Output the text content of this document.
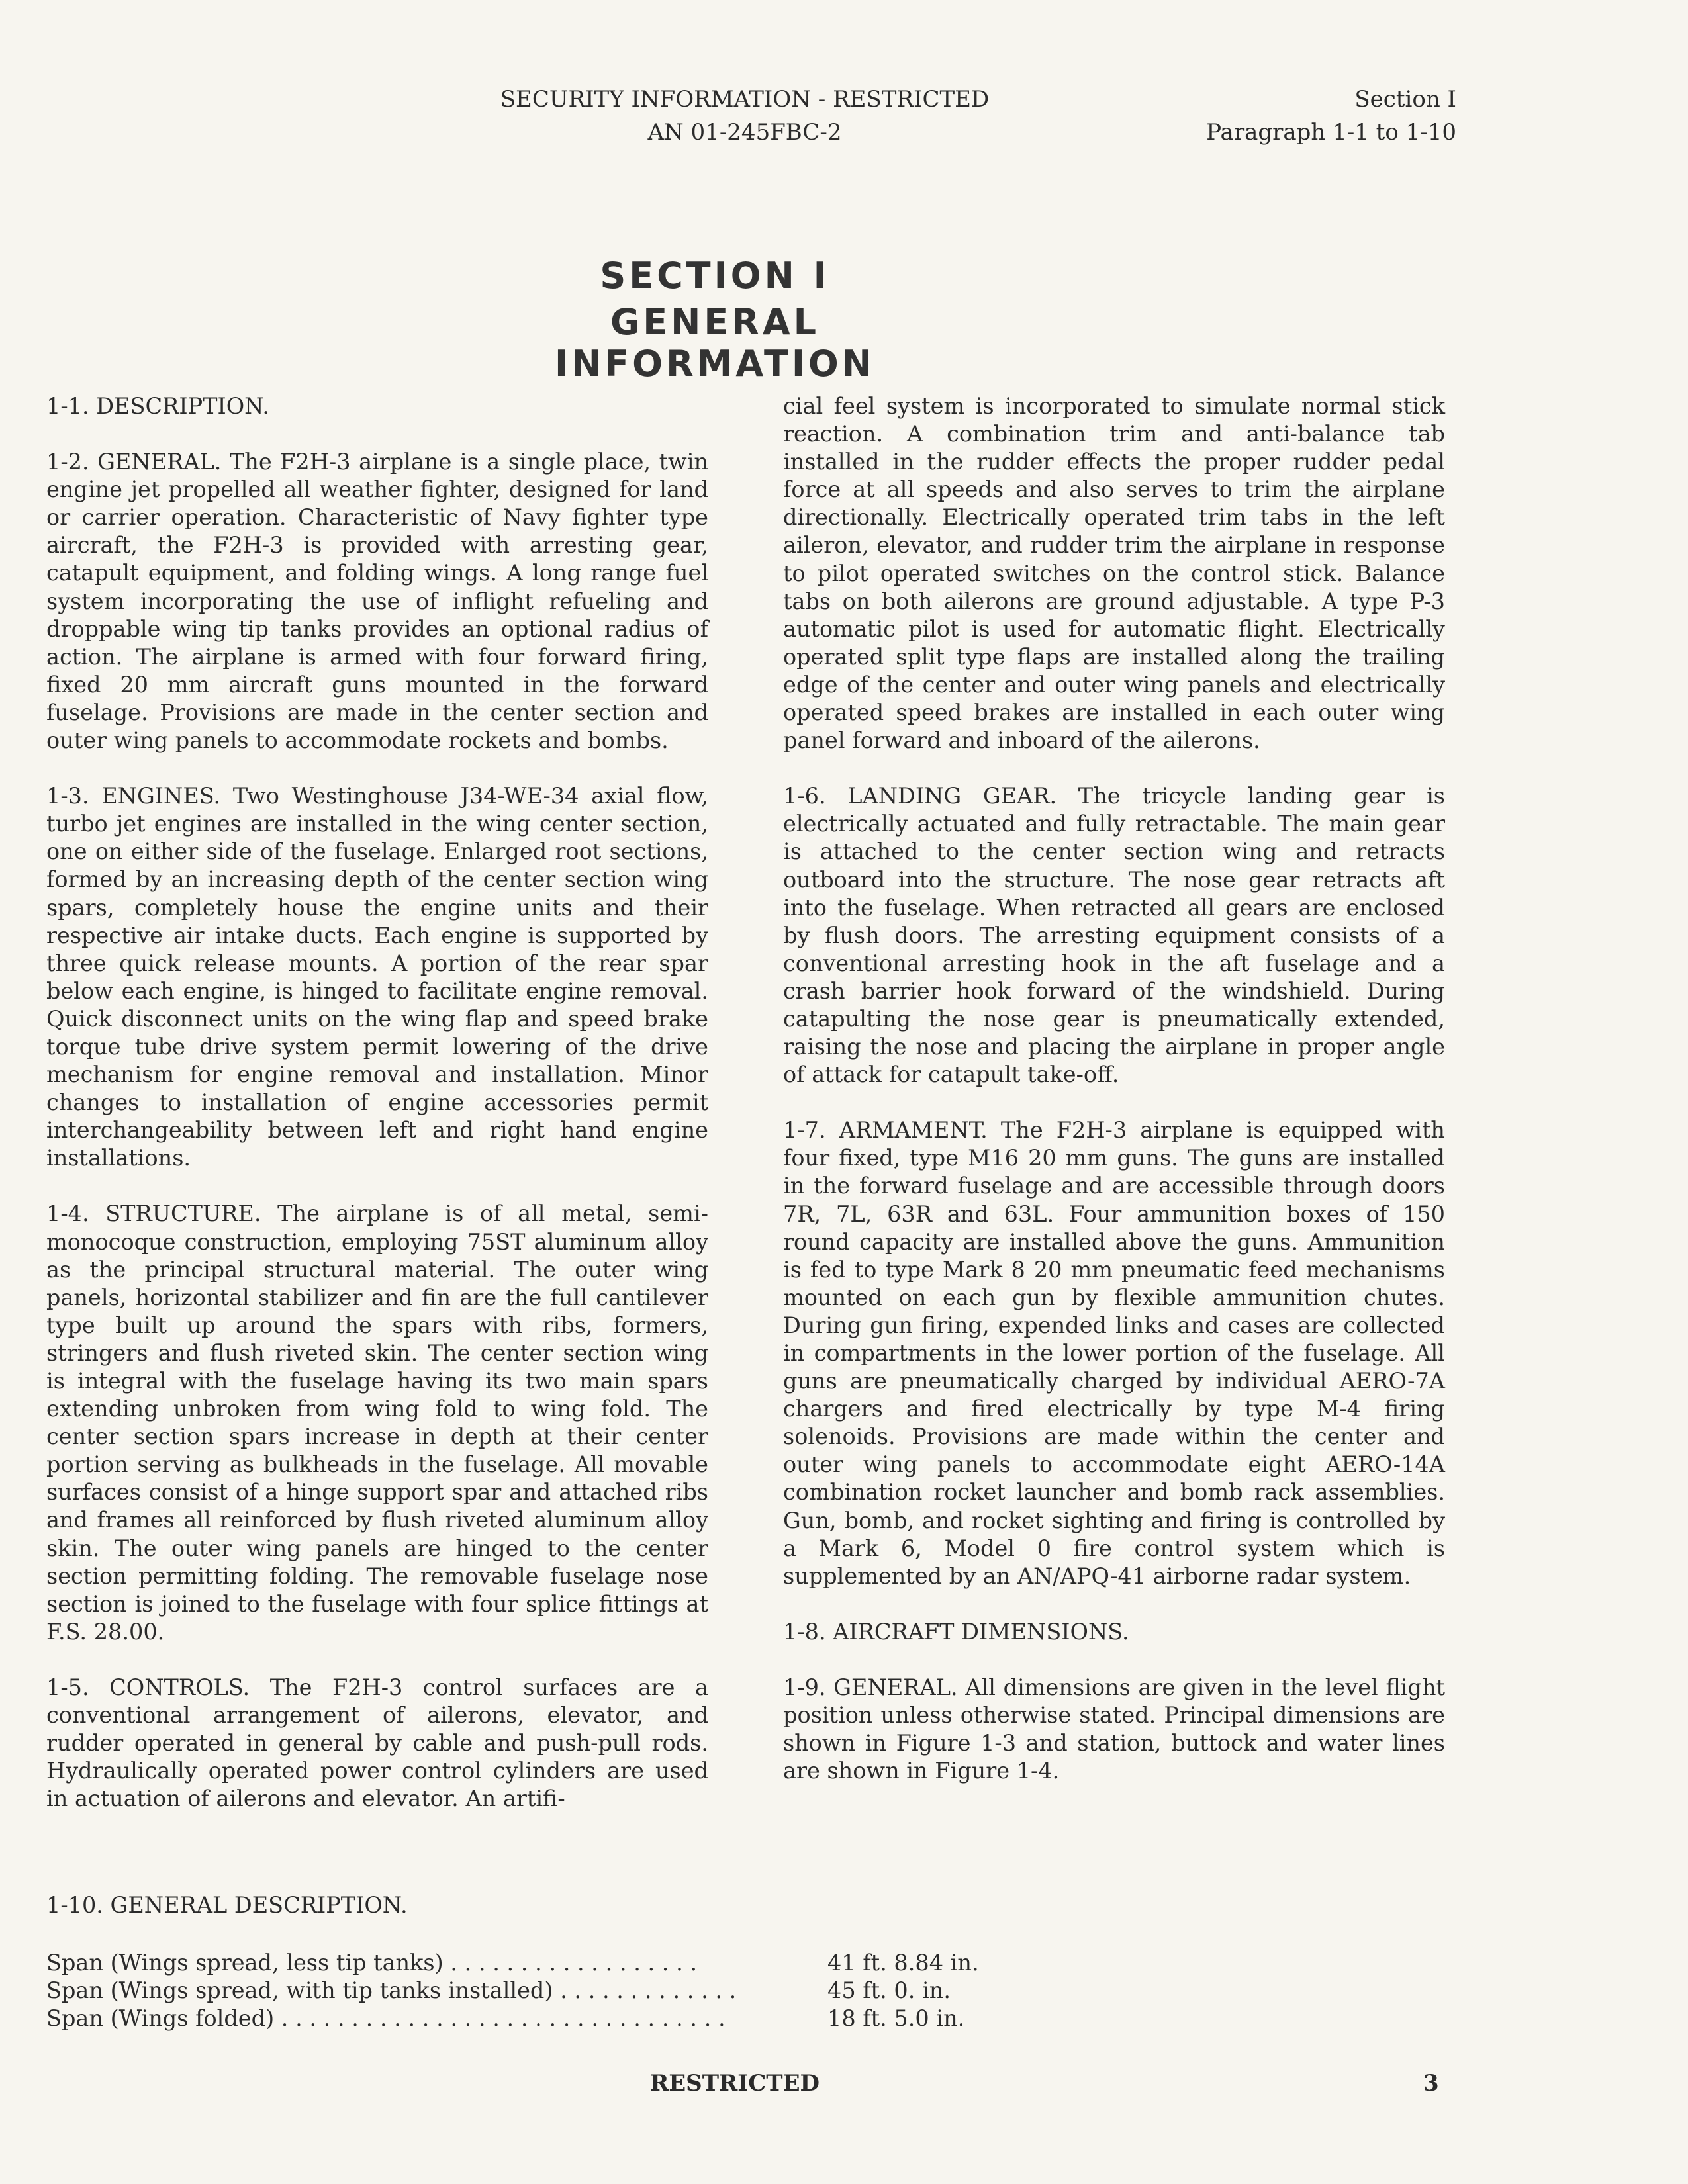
SECURITY INFORMATION - RESTRICTED
AN 01-245FBC-2
Section I
Paragraph 1-1 to 1-10
SECTION I
GENERAL INFORMATION

1-1. DESCRIPTION.

1-2. GENERAL. The F2H-3 airplane is a single place, twin engine jet propelled all weather fighter, designed for land or carrier operation. Characteristic of Navy fighter type aircraft, the F2H-3 is provided with arresting gear, catapult equipment, and folding wings. A long range fuel system incorporating the use of inflight refueling and droppable wing tip tanks provides an optional radius of action. The airplane is armed with four forward firing, fixed 20 mm aircraft guns mounted in the forward fuselage. Provisions are made in the center section and outer wing panels to accommodate rockets and bombs.

1-3. ENGINES. Two Westinghouse J34-WE-34 axial flow, turbo jet engines are installed in the wing center section, one on either side of the fuselage. Enlarged root sections, formed by an increasing depth of the center section wing spars, completely house the engine units and their respective air intake ducts. Each engine is supported by three quick release mounts. A portion of the rear spar below each engine, is hinged to facilitate engine removal. Quick disconnect units on the wing flap and speed brake torque tube drive system permit lowering of the drive mechanism for engine removal and installation. Minor changes to installation of engine accessories permit interchangeability between left and right hand engine installations.

1-4. STRUCTURE. The airplane is of all metal, semi-monocoque construction, employing 75ST aluminum alloy as the principal structural material. The outer wing panels, horizontal stabilizer and fin are the full cantilever type built up around the spars with ribs, formers, stringers and flush riveted skin. The center section wing is integral with the fuselage having its two main spars extending unbroken from wing fold to wing fold. The center section spars increase in depth at their center portion serving as bulkheads in the fuselage. All movable surfaces consist of a hinge support spar and attached ribs and frames all reinforced by flush riveted aluminum alloy skin. The outer wing panels are hinged to the center section permitting folding. The removable fuselage nose section is joined to the fuselage with four splice fittings at F.S. 28.00.

1-5. CONTROLS. The F2H-3 control surfaces are a conventional arrangement of ailerons, elevator, and rudder operated in general by cable and push-pull rods. Hydraulically operated power control cylinders are used in actuation of ailerons and elevator. An artifi-

cial feel system is incorporated to simulate normal stick reaction. A combination trim and anti-balance tab installed in the rudder effects the proper rudder pedal force at all speeds and also serves to trim the airplane directionally. Electrically operated trim tabs in the left aileron, elevator, and rudder trim the airplane in response to pilot operated switches on the control stick. Balance tabs on both ailerons are ground adjustable. A type P-3 automatic pilot is used for automatic flight. Electrically operated split type flaps are installed along the trailing edge of the center and outer wing panels and electrically operated speed brakes are installed in each outer wing panel forward and inboard of the ailerons.

1-6. LANDING GEAR. The tricycle landing gear is electrically actuated and fully retractable. The main gear is attached to the center section wing and retracts outboard into the structure. The nose gear retracts aft into the fuselage. When retracted all gears are enclosed by flush doors. The arresting equipment consists of a conventional arresting hook in the aft fuselage and a crash barrier hook forward of the windshield. During catapulting the nose gear is pneumatically extended, raising the nose and placing the airplane in proper angle of attack for catapult take-off.

1-7. ARMAMENT. The F2H-3 airplane is equipped with four fixed, type M16 20 mm guns. The guns are installed in the forward fuselage and are accessible through doors 7R, 7L, 63R and 63L. Four ammunition boxes of 150 round capacity are installed above the guns. Ammunition is fed to type Mark 8 20 mm pneumatic feed mechanisms mounted on each gun by flexible ammunition chutes. During gun firing, expended links and cases are collected in compartments in the lower portion of the fuselage. All guns are pneumatically charged by individual AERO-7A chargers and fired electrically by type M-4 firing solenoids. Provisions are made within the center and outer wing panels to accommodate eight AERO-14A combination rocket launcher and bomb rack assemblies. Gun, bomb, and rocket sighting and firing is controlled by a Mark 6, Model 0 fire control system which is supplemented by an AN/APQ-41 airborne radar system.

1-8. AIRCRAFT DIMENSIONS.

1-9. GENERAL. All dimensions are given in the level flight position unless otherwise stated. Principal dimensions are shown in Figure 1-3 and station, buttock and water lines are shown in Figure 1-4.

1-10. GENERAL DESCRIPTION.
Span (Wings spread, less tip tanks) . . . . . . . . . . . . . . . . . .	41 ft. 8.84 in.
Span (Wings spread, with tip tanks installed) . . . . . . . . . . . . .	45 ft. 0. in.
Span (Wings folded) . . . . . . . . . . . . . . . . . . . . . . . . . . . . . . . .	18 ft. 5.0 in.
RESTRICTED	3
